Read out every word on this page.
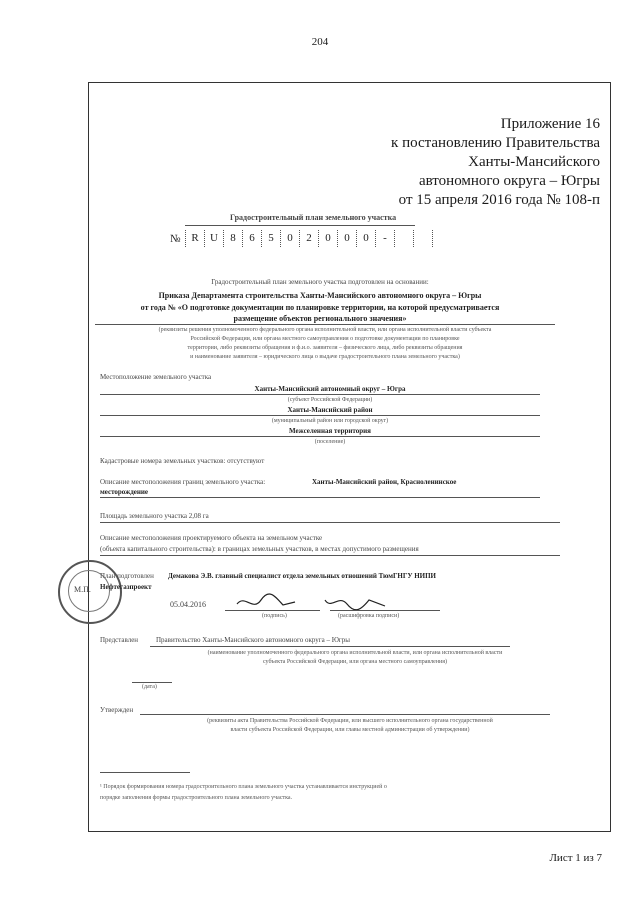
204
Приложение 16
к постановлению Правительства
Ханты-Мансийского
автономного округа – Югры
от 15 апреля 2016 года № 108-п
Градостроительный план земельного участка
№ R	U	8	6	5	0	2	0	0	0	-
Градостроительный план земельного участка подготовлен на основании:
Приказа Департамента строительства Ханты-Мансийского автономного округа – Югры
от года № «О подготовке документации по планировке территории, на которой предусматривается
размещение объектов регионального значения»
(реквизиты решения уполномоченного федерального органа исполнительной власти, или органа исполнительной власти субъекта
Российской Федерации, или органа местного самоуправления о подготовке документации по планировке
территории, либо реквизиты обращения и ф.и.о. заявителя – физического лица, либо реквизиты обращения
и наименование заявителя – юридического лица о выдаче градостроительного плана земельного участка)
Местоположение земельного участка
Ханты-Мансийский автономный округ – Югра
(субъект Российской Федерации)
Ханты-Мансийский район
(муниципальный район или городской округ)
Межселенная территория
(поселение)
Кадастровые номера земельных участков: отсутствуют
Описание местоположения границ земельного участка:	Ханты-Мансийский район, Красноленинское
месторождение
Площадь земельного участка 2,08 га
Описание местоположения проектируемого объекта на земельном участке
(объекта капитального строительства): в границах земельных участков, в местах допустимого размещения
М.П.
План подготовлен Демакова Э.В. главный специалист отдела земельных отношений ТюмГНГУ НИПИ
Нефтегазпроект
05.04.2016
(подпись)	(расшифровка подписи)
Представлен	Правительство Ханты-Мансийского автономного округа – Югры
(наименование уполномоченного федерального органа исполнительной власти, или органа исполнительной власти
субъекта Российской Федерации, или органа местного самоуправления)
(дата)
Утвержден
(реквизиты акта Правительства Российской Федерации, или высшего исполнительного органа государственной
власти субъекта Российской Федерации, или главы местной администрации об утверждении)
¹ Порядок формирования номера градостроительного плана земельного участка устанавливается инструкцией о
порядке заполнения формы градостроительного плана земельного участка.
Лист 1 из 7
